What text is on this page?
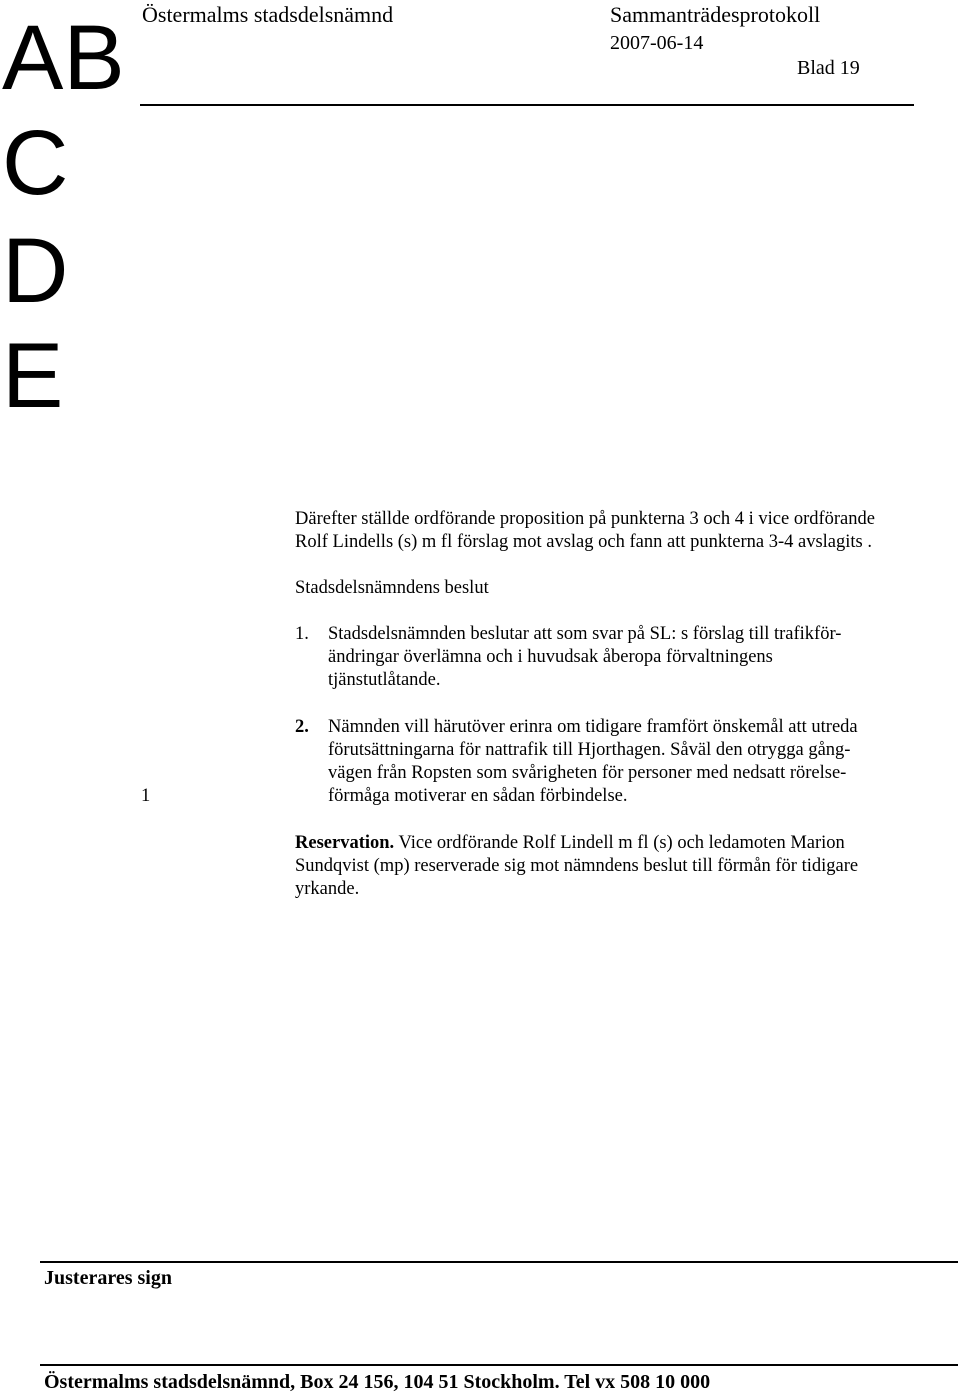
AB
C
D
E
Östermalms stadsdelsnämnd	Sammanträdesprotokoll
2007-06-14
Blad 19
1
Därefter ställde ordförande proposition på punkterna 3 och 4 i vice ordförande
Rolf Lindells (s) m fl förslag mot avslag och fann att punkterna 3-4 avslagits .
Stadsdelsnämndens beslut
1.	Stadsdelsnämnden beslutar att som svar på SL: s förslag till trafikför-
ändringar överlämna och i huvudsak åberopa förvaltningens
tjänstutlåtande.
2.	Nämnden vill härutöver erinra om tidigare framfört önskemål att utreda
förutsättningarna för nattrafik till Hjorthagen. Såväl den otrygga gång-
vägen från Ropsten som svårigheten för personer med nedsatt rörelse-
förmåga motiverar en sådan förbindelse.
Reservation. Vice ordförande Rolf Lindell m fl (s) och ledamoten Marion
Sundqvist (mp) reserverade sig mot nämndens beslut till förmån för tidigare
yrkande.
Justerares sign
Östermalms stadsdelsnämnd, Box 24 156, 104 51 Stockholm. Tel vx 508 10 000
